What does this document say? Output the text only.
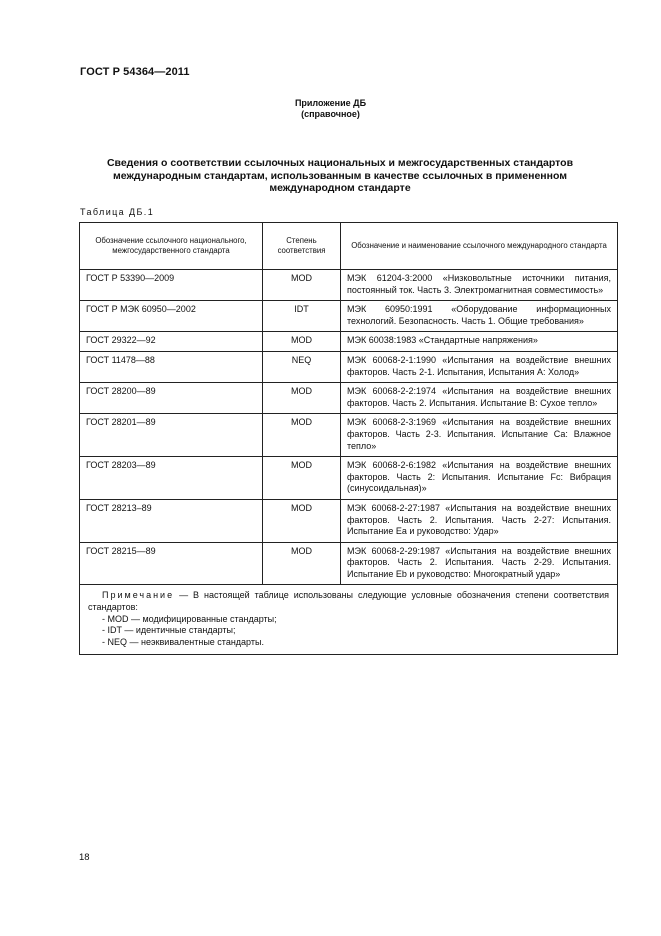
ГОСТ Р 54364—2011
Приложение ДБ
(справочное)
Сведения о соответствии ссылочных национальных и межгосударственных стандартов международным стандартам, использованным в качестве ссылочных в примененном международном стандарте
Таблица ДБ.1
Обозначение ссылочного национального, межгосударственного стандарта	Степень соответствия	Обозначение и наименование ссылочного международного стандарта
ГОСТ Р 53390—2009	MOD	МЭК 61204-3:2000 «Низковольтные источники питания, постоянный ток. Часть 3. Электромагнитная совместимость»
ГОСТ Р МЭК 60950—2002	IDT	МЭК 60950:1991 «Оборудование информационных технологий. Безопасность. Часть 1. Общие требования»
ГОСТ 29322—92	MOD	МЭК 60038:1983 «Стандартные напряжения»
ГОСТ 11478—88	NEQ	МЭК 60068-2-1:1990 «Испытания на воздействие внешних факторов. Часть 2-1. Испытания, Испытания А: Холод»
ГОСТ 28200—89	MOD	МЭК 60068-2-2:1974 «Испытания на воздействие внешних факторов. Часть 2. Испытания. Испытание В: Сухое тепло»
ГОСТ 28201—89	MOD	МЭК 60068-2-3:1969 «Испытания на воздействие внешних факторов. Часть 2-3. Испытания. Испытание Са: Влажное тепло»
ГОСТ 28203—89	MOD	МЭК 60068-2-6:1982 «Испытания на воздействие внешних факторов. Часть 2: Испытания. Испытание Fc: Вибрация (синусоидальная)»
ГОСТ 28213–89	MOD	МЭК 60068-2-27:1987 «Испытания на воздействие внешних факторов. Часть 2. Испытания. Часть 2-27: Испытания. Испытание Еа и руководство: Удар»
ГОСТ 28215—89	MOD	МЭК 60068-2-29:1987 «Испытания на воздействие внешних факторов. Часть 2. Испытания. Часть 2-29. Испытания. Испытание Eb и руководство: Многократный удар»

Примечание — В настоящей таблице использованы следующие условные обозначения степени соответствия стандартов:
- MOD — модифицированные стандарты;
- IDT — идентичные стандарты;
- NEQ — неэквивалентные стандарты.		
18
